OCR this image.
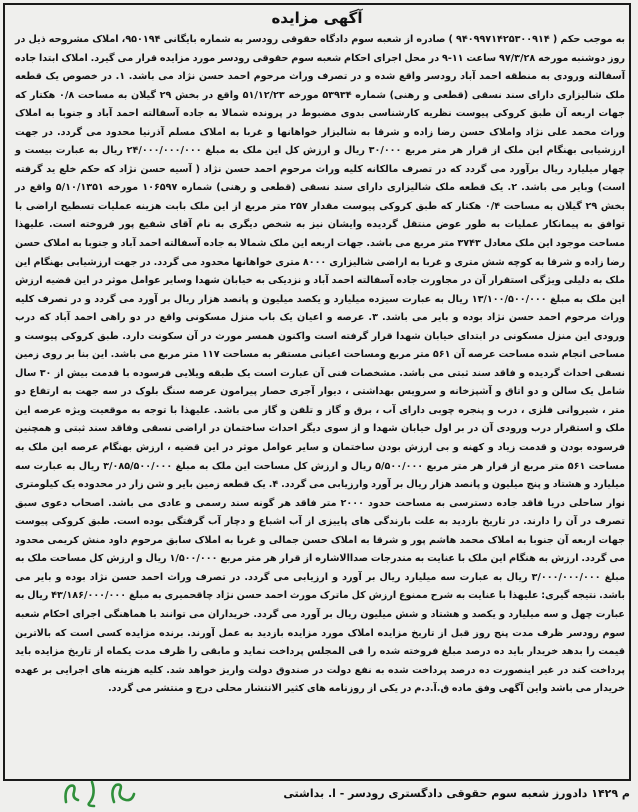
آگهی مزایده

به موجب حکم ( ۹۴۰۹۹۷۱۴۲۵۳۰۰۹۱۴ ) صادره از شعبه سوم دادگاه حقوقی رودسر به شماره بایگانی ۹۵۰۱۹۴، املاک مشروحه ذیل در روز دوشنبه مورخه ۹۷/۳/۲۸ ساعت ۱۱-۹ در محل اجرای احکام شعبه سوم حقوقی رودسر مورد مزایده قرار می گیرد. املاک ابتدا جاده آسفالته ورودی به منطقه احمد آباد رودسر واقع شده و در تصرف وراث مرحوم احمد حسن نژاد می باشد. ۱. در خصوص یک قطعه ملک شالیزاری دارای سند نسقی (قطعی و رهنی) شماره ۵۳۹۳۴ مورخه ۵۱/۱۲/۲۳ واقع در بخش ۲۹ گیلان به مساحت ۰/۸ هکتار که جهات اربعه آن طبق کروکی پیوست نظریه کارشناسی بدوی مضبوط در پرونده شمالا به جاده آسفالته احمد آباد و جنوبا به املاک وراث محمد علی نژاد واملاک حسن رضا زاده و شرقا به شالیزار خواهانها و غربا به املاک مسلم آذرنیا محدود می گردد. در جهت ارزشیابی بهنگام این ملک از قرار هر متر مربع ۳۰/۰۰۰ ریال و ارزش کل این ملک به مبلغ ۲۴/۰۰۰/۰۰۰/۰۰۰ ریال به عبارت بیست و چهار میلیارد ریال برآورد می گردد که در تصرف مالکانه کلیه وراث مرحوم احمد حسن نژاد ( آسیه حسن نژاد که حکم خلع ید گرفته است) وبایر می باشد. ۲. یک قطعه ملک شالیزاری دارای سند نسقی (قطعی و رهنی) شماره ۱۰۶۵۹۷ مورخه ۵/۱۰/۱۳۵۱ واقع در بخش ۲۹ گیلان به مساحت ۰/۴ هکتار که طبق کروکی پیوست مقدار ۲۵۷ متر مربع از این ملک بابت هزینه عملیات تسطیح اراضی با توافق به پیمانکار عملیات به طور عوض منتقل گردیده وایشان نیز به شخص دیگری به نام آقای شفیع پور فروخته است. علیهذا مساحت موجود این ملک معادل ۳۷۴۳ متر مربع می باشد. جهات اربعه این ملک شمالا به جاده آسفالته احمد آباد و جنوبا به املاک حسن رضا زاده و شرقا به کوچه شش متری و غربا به اراضی شالیزاری ۸۰۰۰ متری خواهانها محدود می گردد. در جهت ارزشیابی بهنگام این ملک به دلیلی ویژگی استقرار آن در مجاورت جاده آسفالته احمد آباد و نزدیکی به خیابان شهدا وسایر عوامل موثر در این قضیه ارزش این ملک به مبلغ ۱۳/۱۰۰/۵۰۰/۰۰۰ ریال به عبارت سیزده میلیارد و یکصد میلیون و پانصد هزار ریال بر آورد می گردد و در تصرف کلیه وراث مرحوم احمد حسن نژاد بوده و بایر می باشد. ۳. عرصه و اعیان یک باب منزل مسکونی واقع در دو راهی احمد آباد که درب ورودی این منزل مسکونی در ابتدای خیابان شهدا قرار گرفته است واکنون همسر مورث در آن سکونت دارد. طبق کروکی پیوست و مساحی انجام شده مساحت عرصه آن ۵۶۱ متر مربع ومساحت اعیانی مستقر به مساحت ۱۱۷ متر مربع می باشد. این بنا بر روی زمین نسقی احداث گردیده و فاقد سند ثبتی می باشد. مشخصات فنی آن عبارت است یک طبقه ویلایی فرسوده با قدمت بیش از ۳۰ سال شامل یک سالن و دو اتاق و آشپزخانه و سرویس بهداشتی ، دیوار آجری حصار پیرامون عرصه سنگ بلوک در سه جهت به ارتفاع دو متر ، شیروانی فلزی ، درب و پنجره چوبی دارای آب ، برق و گاز و تلفن و گاز می باشد. علیهذا با توجه به موقعیت ویژه عرصه این ملک و استقرار درب ورودی آن در بر اول خیابان شهدا و از سوی دیگر احداث ساختمان در اراضی نسقی وفاقد سند ثبتی و همچنین فرسوده بودن و قدمت زیاد و کهنه و بی ارزش بودن ساختمان و سایر عوامل موثر در این قضیه ، ارزش بهنگام عرصه این ملک به مساحت ۵۶۱ متر مربع از قرار هر متر مربع ۵/۵۰۰/۰۰۰ ریال و ارزش کل مساحت این ملک به مبلغ ۳/۰۸۵/۵۰۰/۰۰۰ ریال به عبارت سه میلیارد و هشتاد و پنج میلیون و پانصد هزار ریال بر آورد وارزیابی می گردد. ۴. یک قطعه زمین بایر و شن زار در محدوده یک کیلومتری نوار ساحلی دریا فاقد جاده دسترسی به مساحت حدود ۲۰۰۰ متر فاقد هر گونه سند رسمی و عادی می باشد. اصحاب دعوی سبق تصرف در آن را دارند. در تاریخ بازدید به علت بارندگی های پاییزی از آب اشباع و دچار آب گرفتگی بوده است. طبق کروکی پیوست جهات اربعه آن جنوبا به املاک محمد هاشم پور و شرقا به املاک حسن جمالی و غربا به املاک سابق مرحوم داود منش کریمی محدود می گردد. ارزش به هنگام این ملک با عنایت به مندرجات صداالاشاره از قرار هر متر مربع ۱/۵۰۰/۰۰۰ ریال و ارزش کل مساحت ملک به مبلغ ۳/۰۰۰/۰۰۰/۰۰۰ ریال به عبارت سه میلیارد ریال بر آورد و ارزیابی می گردد. در تصرف وراث احمد حسن نژاد بوده و بایر می باشد. نتیجه گیری: علیهذا با عنایت به شرح ممنوع ارزش کل ماترک مورث احمد حسن نژاد چاقحمیری به مبلغ ۴۳/۱۸۶/۰۰۰/۰۰۰ ریال به عبارت چهل و سه میلیارد و یکصد و هشتاد و شش میلیون ریال بر آورد می گردد. خریداران می توانند با هماهنگی اجرای احکام شعبه سوم رودسر ظرف مدت پنج روز قبل از تاریخ مزایده املاک مورد مزایده بازدید به عمل آورند. برنده مزایده کسی است که بالاترین قیمت را بدهد خریدار باید ده درصد مبلغ فروخته شده را فی المجلس پرداخت نماید و مابقی را ظرف مدت یکماه از تاریخ مزایده باید پرداخت کند در غیر اینصورت ده درصد پرداخت شده به نفع دولت در صندوق دولت واریز خواهد شد. کلیه هزینه های اجرایی بر عهده خریدار می باشد واین آگهی وفق ماده ق.آ.د.م در یکی از روزنامه های کثیر الانتشار محلی درج و منتشر می گردد.

م ۱۴۲۹ دادورز شعبه سوم حقوقی دادگستری رودسر - ا. بداشتی
